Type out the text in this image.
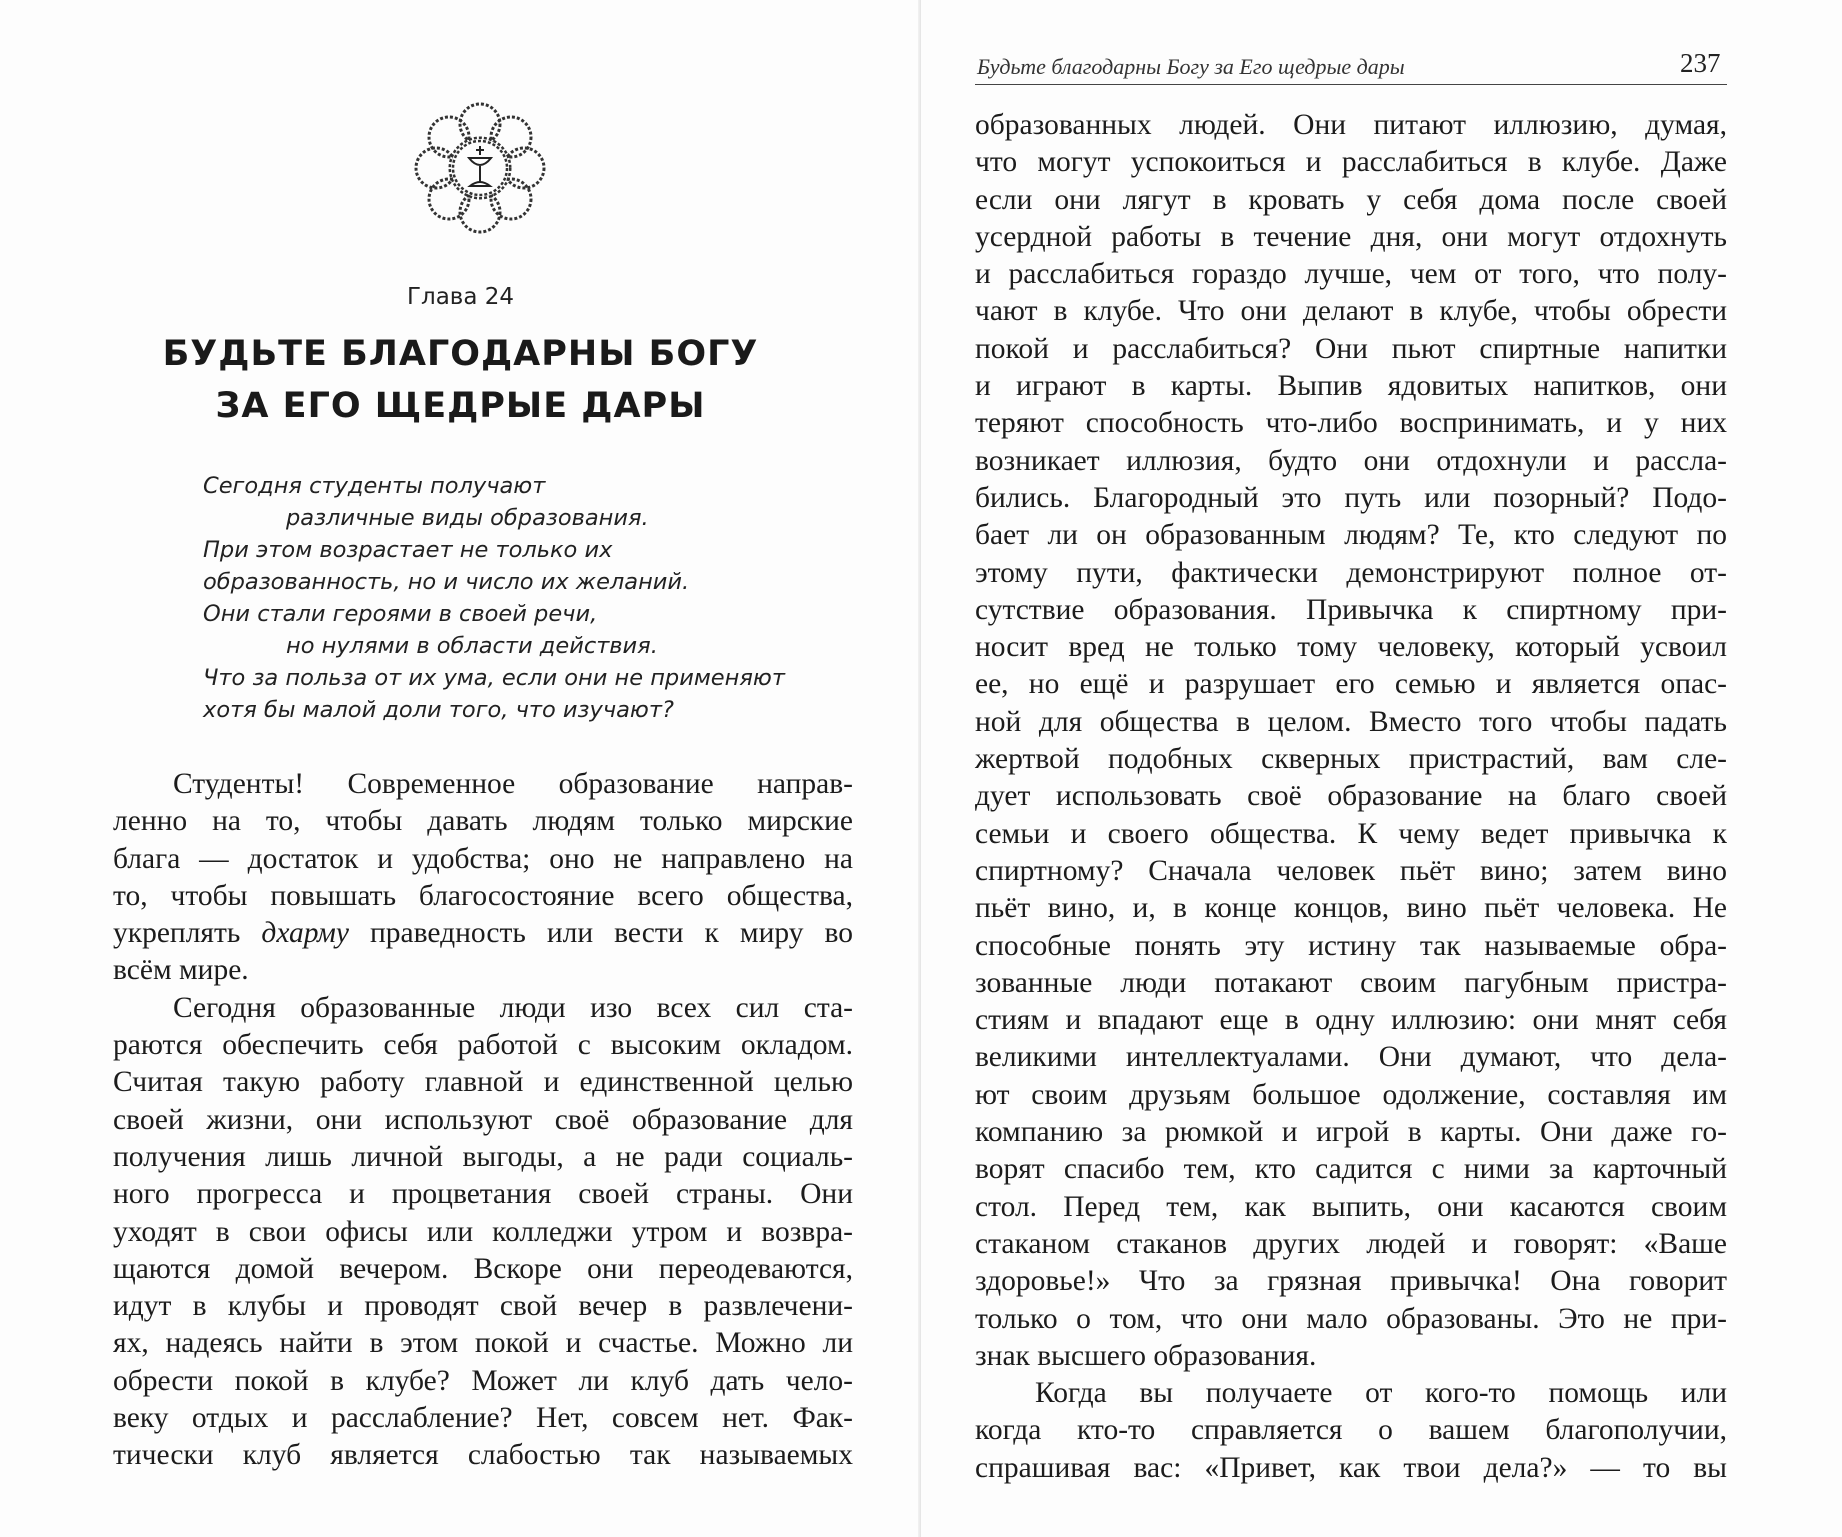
Глава 24
БУДЬТЕ БЛАГОДАРНЫ БОГУ
ЗА ЕГО ЩЕДРЫЕ ДАРЫ
Сегодня студенты получают
различные виды образования.
При этом возрастает не только их
образованность, но и число их желаний.
Они стали героями в своей речи,
но нулями в области действия.
Что за польза от их ума, если они не применяют
хотя бы малой доли того, что изучают?
Студенты! Современное образование направ-
ленно на то, чтобы давать людям только мирские
блага — достаток и удобства; оно не направлено на
то, чтобы повышать благосостояние всего общества,
укреплять дхарму праведность или вести к миру во
всём мире.
Сегодня образованные люди изо всех сил ста-
раются обеспечить себя работой с высоким окладом.
Считая такую работу главной и единственной целью
своей жизни, они используют своё образование для
получения лишь личной выгоды, а не ради социаль-
ного прогресса и процветания своей страны. Они
уходят в свои офисы или колледжи утром и возвра-
щаются домой вечером. Вскоре они переодеваются,
идут в клубы и проводят свой вечер в развлечени-
ях, надеясь найти в этом покой и счастье. Можно ли
обрести покой в клубе? Может ли клуб дать чело-
веку отдых и расслабление? Нет, совсем нет. Фак-
тически клуб является слабостью так называемых
Будьте благодарны Богу за Его щедрые дары	237
образованных людей. Они питают иллюзию, думая,
что могут успокоиться и расслабиться в клубе. Даже
если они лягут в кровать у себя дома после своей
усердной работы в течение дня, они могут отдохнуть
и расслабиться гораздо лучше, чем от того, что полу-
чают в клубе. Что они делают в клубе, чтобы обрести
покой и расслабиться? Они пьют спиртные напитки
и играют в карты. Выпив ядовитых напитков, они
теряют способность что-либо воспринимать, и у них
возникает иллюзия, будто они отдохнули и рассла-
бились. Благородный это путь или позорный? Подо-
бает ли он образованным людям? Те, кто следуют по
этому пути, фактически демонстрируют полное от-
сутствие образования. Привычка к спиртному при-
носит вред не только тому человеку, который усвоил
ее, но ещё и разрушает его семью и является опас-
ной для общества в целом. Вместо того чтобы падать
жертвой подобных скверных пристрастий, вам сле-
дует использовать своё образование на благо своей
семьи и своего общества. К чему ведет привычка к
спиртному? Сначала человек пьёт вино; затем вино
пьёт вино, и, в конце концов, вино пьёт человека. Не
способные понять эту истину так называемые обра-
зованные люди потакают своим пагубным пристра-
стиям и впадают еще в одну иллюзию: они мнят себя
великими интеллектуалами. Они думают, что дела-
ют своим друзьям большое одолжение, составляя им
компанию за рюмкой и игрой в карты. Они даже го-
ворят спасибо тем, кто садится с ними за карточный
стол. Перед тем, как выпить, они касаются своим
стаканом стаканов других людей и говорят: «Ваше
здоровье!» Что за грязная привычка! Она говорит
только о том, что они мало образованы. Это не при-
знак высшего образования.
Когда вы получаете от кого-то помощь или
когда кто-то справляется о вашем благополучии,
спрашивая вас: «Привет, как твои дела?» — то вы
